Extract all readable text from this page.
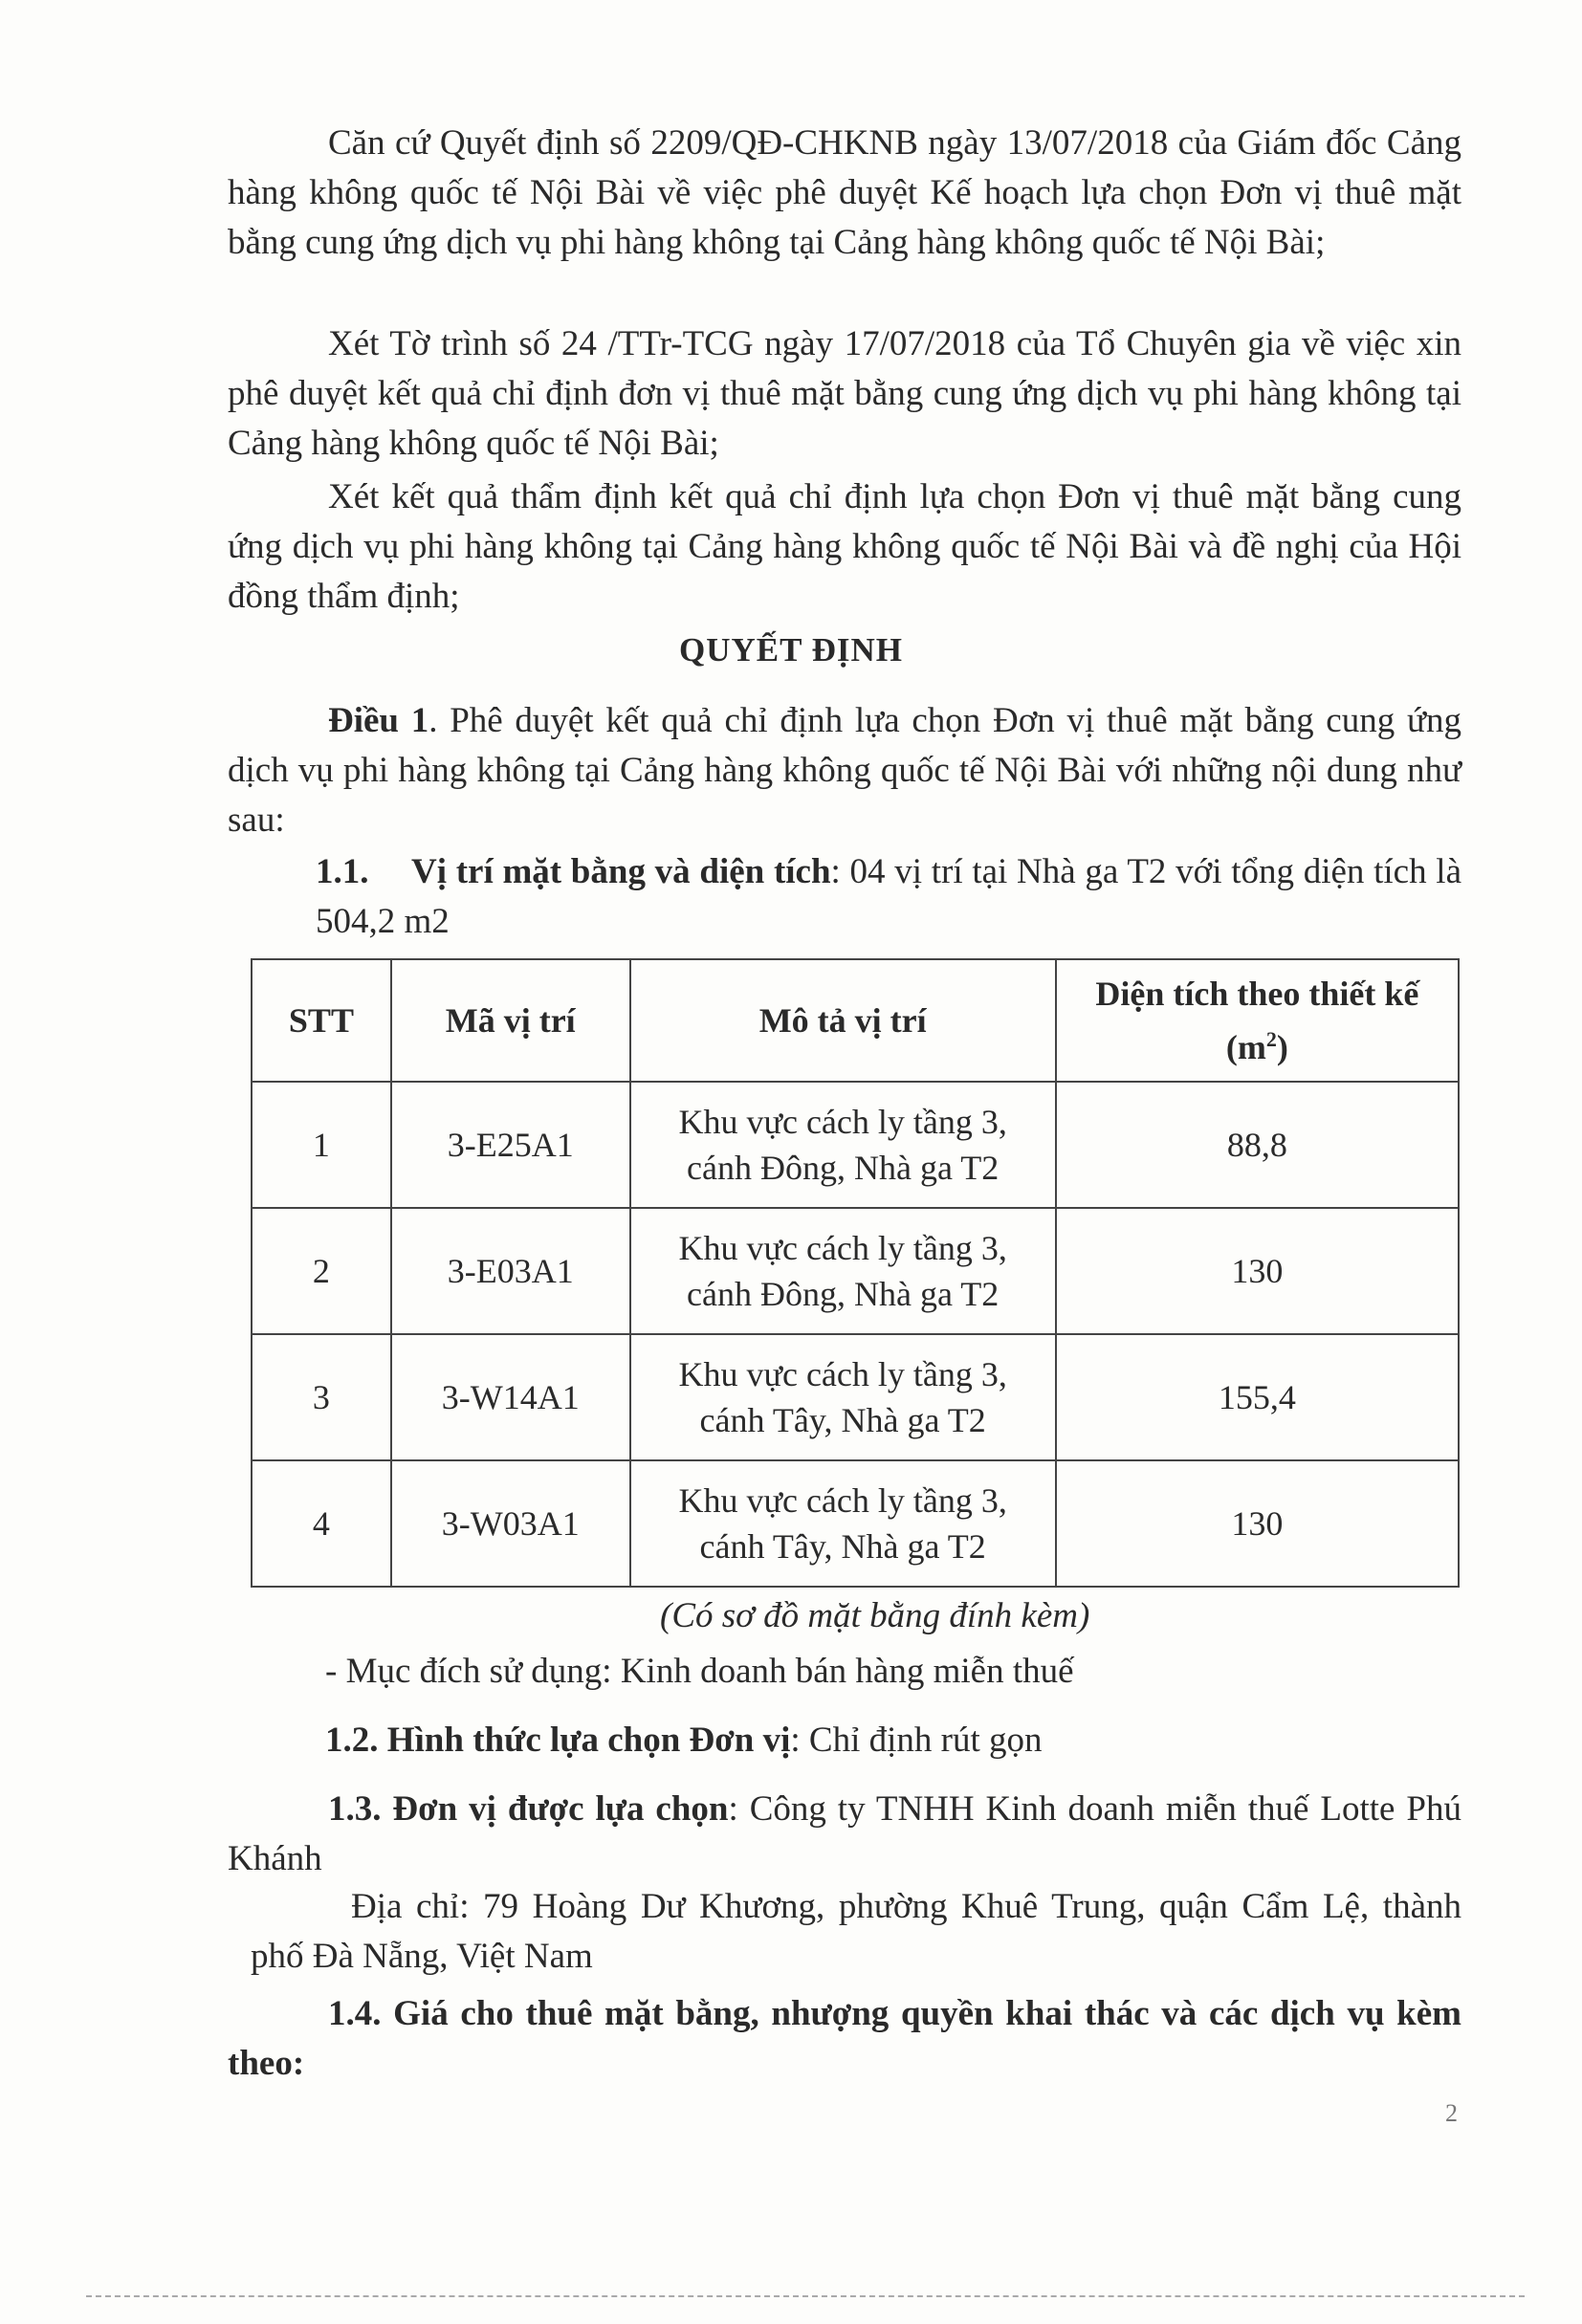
Căn cứ Quyết định số 2209/QĐ-CHKNB ngày 13/07/2018 của Giám đốc Cảng hàng không quốc tế Nội Bài về việc phê duyệt Kế hoạch lựa chọn Đơn vị thuê mặt bằng cung ứng dịch vụ phi hàng không tại Cảng hàng không quốc tế Nội Bài;

Xét Tờ trình số 24 /TTr-TCG ngày 17/07/2018 của Tổ Chuyên gia về việc xin phê duyệt kết quả chỉ định đơn vị thuê mặt bằng cung ứng dịch vụ phi hàng không tại Cảng hàng không quốc tế Nội Bài;

Xét kết quả thẩm định kết quả chỉ định lựa chọn Đơn vị thuê mặt bằng cung ứng dịch vụ phi hàng không tại Cảng hàng không quốc tế Nội Bài và đề nghị của Hội đồng thẩm định;

QUYẾT ĐỊNH

Điều 1. Phê duyệt kết quả chỉ định lựa chọn Đơn vị thuê mặt bằng cung ứng dịch vụ phi hàng không tại Cảng hàng không quốc tế Nội Bài với những nội dung như sau:

1.1. Vị trí mặt bằng và diện tích: 04 vị trí tại Nhà ga T2 với tổng diện tích là 504,2 m2

STT	Mã vị trí	Mô tả vị trí	Diện tích theo thiết kế $(m^2)$
1	3-E25A1	Khu vực cách ly tầng 3,
cánh Đông, Nhà ga T2	88,8
2	3-E03A1	Khu vực cách ly tầng 3,
cánh Đông, Nhà ga T2	130
3	3-W14A1	Khu vực cách ly tầng 3,
cánh Tây, Nhà ga T2	155,4
4	3-W03A1	Khu vực cách ly tầng 3,
cánh Tây, Nhà ga T2	130
(Có sơ đồ mặt bằng đính kèm)

- Mục đích sử dụng: Kinh doanh bán hàng miễn thuế

1.2. Hình thức lựa chọn Đơn vị: Chỉ định rút gọn

1.3. Đơn vị được lựa chọn: Công ty TNHH Kinh doanh miễn thuế Lotte Phú Khánh

Địa chỉ: 79 Hoàng Dư Khương, phường Khuê Trung, quận Cẩm Lệ, thành phố Đà Nẵng, Việt Nam

1.4. Giá cho thuê mặt bằng, nhượng quyền khai thác và các dịch vụ kèm theo:

2
